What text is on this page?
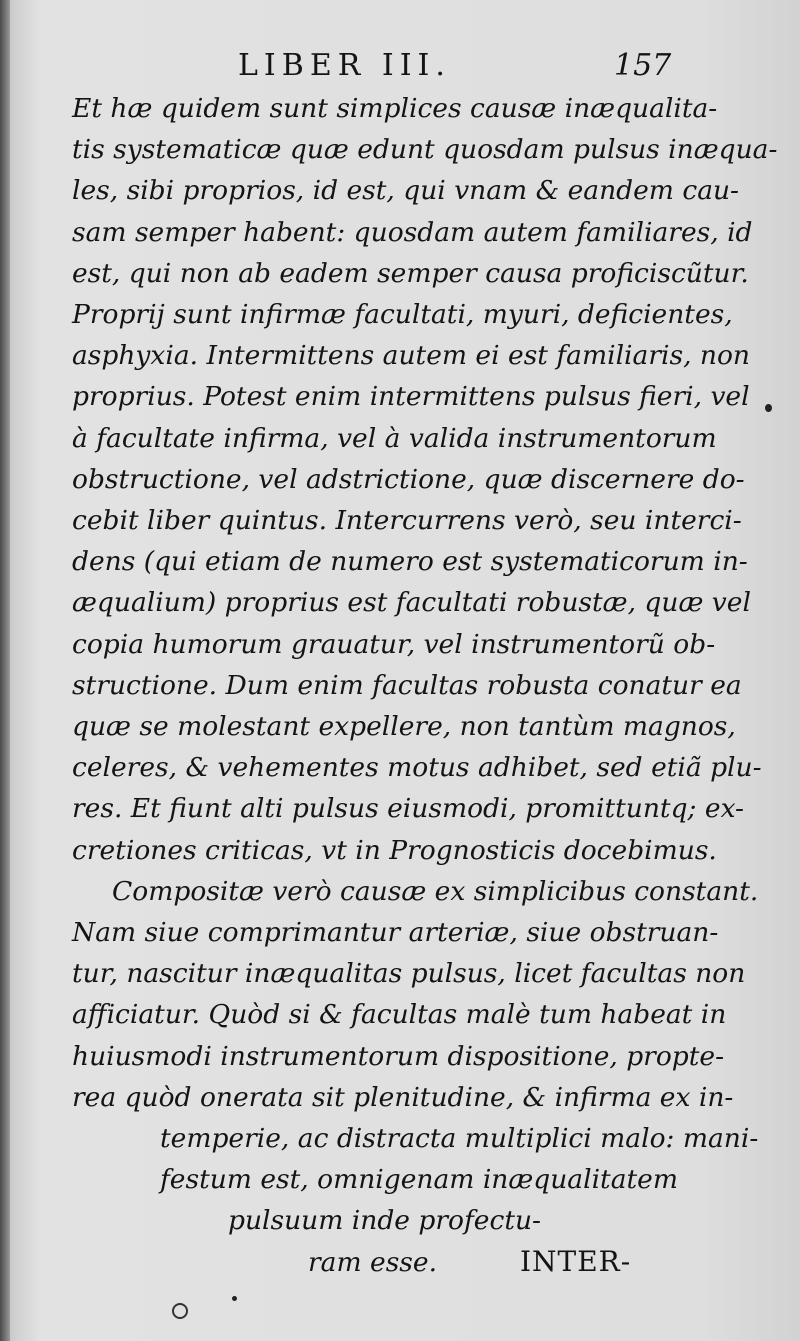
LIBER III.	157
Et hæ quidem sunt simplices causæ inæqualita-
tis systematicæ quæ edunt quosdam pulsus inæqua-
les, sibi proprios, id est, qui vnam & eandem cau-
sam semper habent: quosdam autem familiares, id
est, qui non ab eadem semper causa proficiscũtur.
Proprij sunt infirmæ facultati, myuri, deficientes,
asphyxia. Intermittens autem ei est familiaris, non
proprius. Potest enim intermittens pulsus fieri, vel
à facultate infirma, vel à valida instrumentorum
obstructione, vel adstrictione, quæ discernere do-
cebit liber quintus. Intercurrens verò, seu interci-
dens (qui etiam de numero est systematicorum in-
æqualium) proprius est facultati robustæ, quæ vel
copia humorum grauatur, vel instrumentorũ ob-
structione. Dum enim facultas robusta conatur ea
quæ se molestant expellere, non tantùm magnos,
celeres, & vehementes motus adhibet, sed etiã plu-
res. Et fiunt alti pulsus eiusmodi, promittuntq; ex-
cretiones criticas, vt in Prognosticis docebimus.
Compositæ verò causæ ex simplicibus constant.
Nam siue comprimantur arteriæ, siue obstruan-
tur, nascitur inæqualitas pulsus, licet facultas non
afficiatur. Quòd si & facultas malè tum habeat in
huiusmodi instrumentorum dispositione, propte-
rea quòd onerata sit plenitudine, & infirma ex in-
temperie, ac distracta multiplici malo: mani-
festum est, omnigenam inæqualitatem
pulsuum inde profectu-
ram esse.	INTER-
